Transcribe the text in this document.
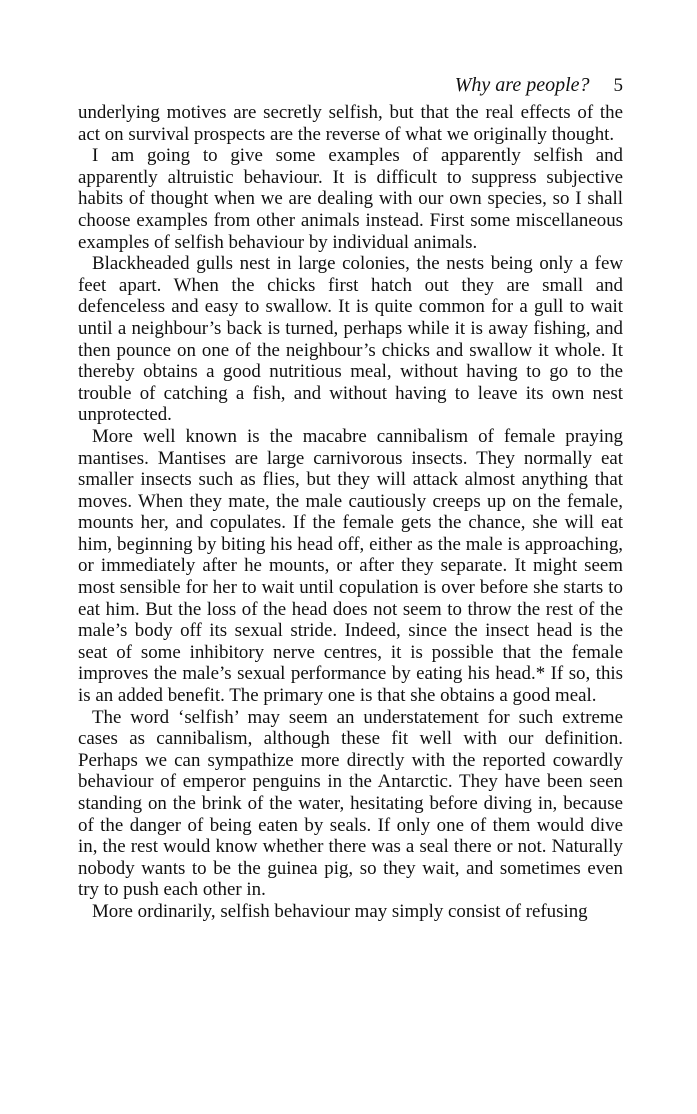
Why are people? 5

underlying motives are secretly selfish, but that the real effects of the act on survival prospects are the reverse of what we originally thought.

I am going to give some examples of apparently selfish and apparently altruistic behaviour. It is difficult to suppress subjective habits of thought when we are dealing with our own species, so I shall choose examples from other animals instead. First some miscellaneous examples of selfish behaviour by individual animals.

Blackheaded gulls nest in large colonies, the nests being only a few feet apart. When the chicks first hatch out they are small and defenceless and easy to swallow. It is quite common for a gull to wait until a neighbour’s back is turned, perhaps while it is away fishing, and then pounce on one of the neighbour’s chicks and swallow it whole. It thereby obtains a good nutritious meal, without having to go to the trouble of catching a fish, and without having to leave its own nest unprotected.

More well known is the macabre cannibalism of female praying mantises. Mantises are large carnivorous insects. They normally eat smaller insects such as flies, but they will attack almost anything that moves. When they mate, the male cautiously creeps up on the female, mounts her, and copulates. If the female gets the chance, she will eat him, beginning by biting his head off, either as the male is approaching, or immediately after he mounts, or after they separate. It might seem most sensible for her to wait until copulation is over before she starts to eat him. But the loss of the head does not seem to throw the rest of the male’s body off its sexual stride. Indeed, since the insect head is the seat of some inhibitory nerve centres, it is possible that the female improves the male’s sexual performance by eating his head.* If so, this is an added benefit. The primary one is that she obtains a good meal.

The word ‘selfish’ may seem an understatement for such extreme cases as cannibalism, although these fit well with our definition. Perhaps we can sympathize more directly with the reported cowardly behaviour of emperor penguins in the Antarctic. They have been seen standing on the brink of the water, hesitating before diving in, because of the danger of being eaten by seals. If only one of them would dive in, the rest would know whether there was a seal there or not. Naturally nobody wants to be the guinea pig, so they wait, and sometimes even try to push each other in.

More ordinarily, selfish behaviour may simply consist of refusing
